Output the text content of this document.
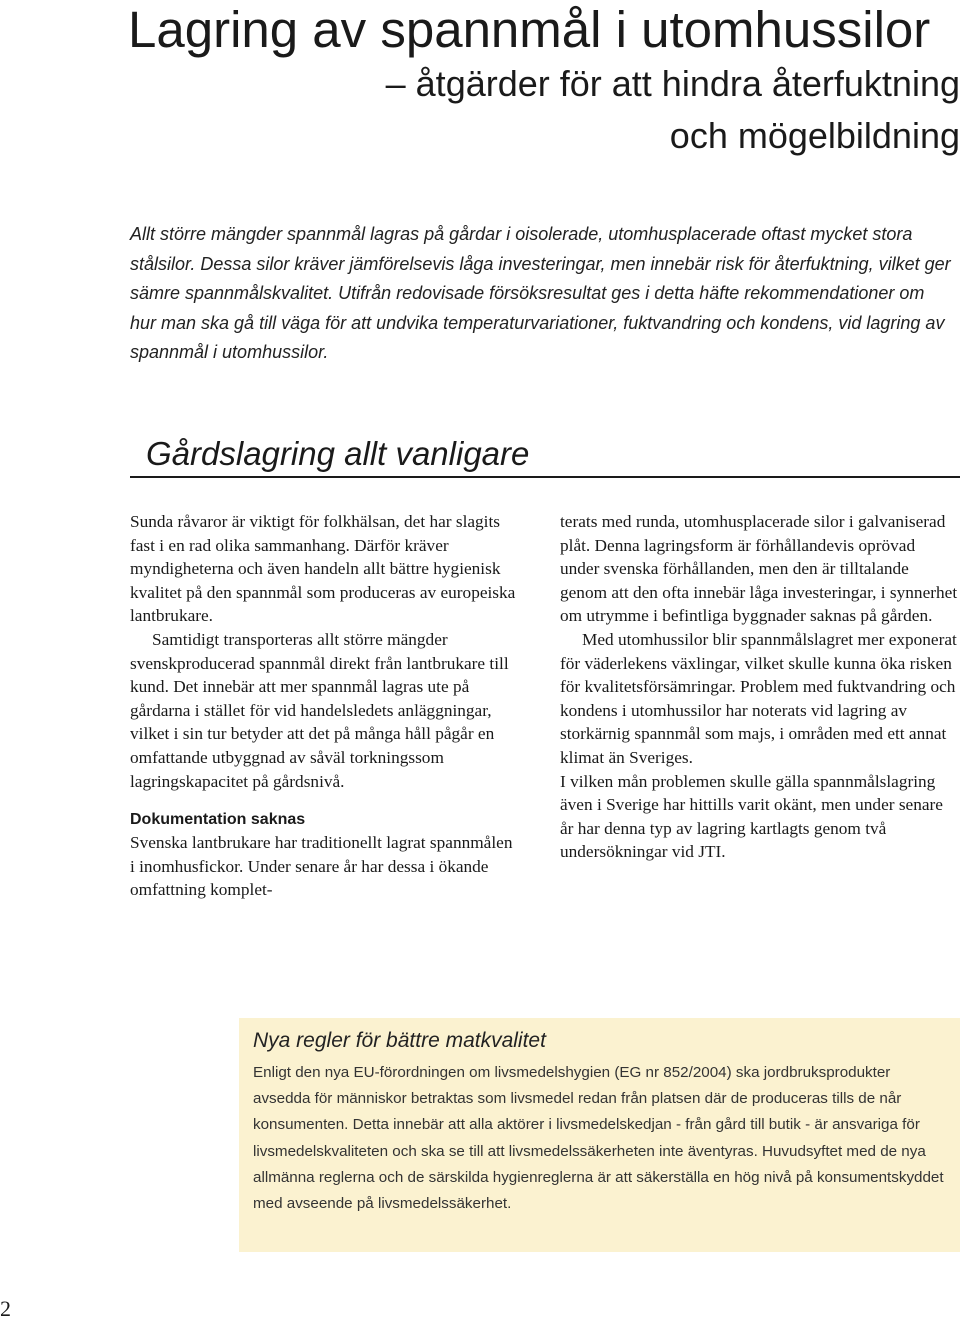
Lagring av spannmål i utomhussilor
– åtgärder för att hindra återfuktning
och mögelbildning

Allt större mängder spannmål lagras på gårdar i oisolerade, utomhusplacerade oftast mycket stora stålsilor. Dessa silor kräver jämförelsevis låga investeringar, men innebär risk för återfuktning, vilket ger sämre spannmålskvalitet. Utifrån redovisade försöksresultat ges i detta häfte rekommendationer om hur man ska gå till väga för att undvika temperaturvariationer, fuktvandring och kondens, vid lagring av spannmål i utomhussilor.

Gårdslagring allt vanligare

Sunda råvaror är viktigt för folkhälsan, det har slagits fast i en rad olika sammanhang. Därför kräver myndigheterna och även handeln allt bättre hygienisk kvalitet på den spannmål som produceras av europeiska lantbrukare.

Samtidigt transporteras allt större mängder svenskproducerad spannmål direkt från lantbrukare till kund. Det innebär att mer spannmål lagras ute på gårdarna i stället för vid handelsledets anläggningar, vilket i sin tur betyder att det på många håll pågår en omfattande utbyggnad av såväl torkningssom lagringskapacitet på gårdsnivå.

Dokumentation saknas

Svenska lantbrukare har traditionellt lagrat spannmålen i inomhusfickor. Under senare år har dessa i ökande omfattning komplet-

terats med runda, utomhusplacerade silor i galvaniserad plåt. Denna lagringsform är förhållandevis oprövad under svenska förhållanden, men den är tilltalande genom att den ofta innebär låga investeringar, i synnerhet om utrymme i befintliga byggnader saknas på gården.

Med utomhussilor blir spannmålslagret mer exponerat för väderlekens växlingar, vilket skulle kunna öka risken för kvalitetsförsämringar. Problem med fuktvandring och kondens i utomhussilor har noterats vid lagring av storkärnig spannmål som majs, i områden med ett annat klimat än Sveriges.

I vilken mån problemen skulle gälla spannmålslagring även i Sverige har hittills varit okänt, men under senare år har denna typ av lagring kartlagts genom två undersökningar vid JTI.

Nya regler för bättre matkvalitet

Enligt den nya EU-förordningen om livsmedelshygien (EG nr 852/2004) ska jordbruksprodukter avsedda för människor betraktas som livsmedel redan från platsen där de produceras tills de når konsumenten. Detta innebär att alla aktörer i livsmedelskedjan - från gård till butik - är ansvariga för livsmedelskvaliteten och ska se till att livsmedelssäkerheten inte äventyras. Huvudsyftet med de nya allmänna reglerna och de särskilda hygienreglerna är att säkerställa en hög nivå på konsumentskyddet med avseende på livsmedelssäkerhet.

2
